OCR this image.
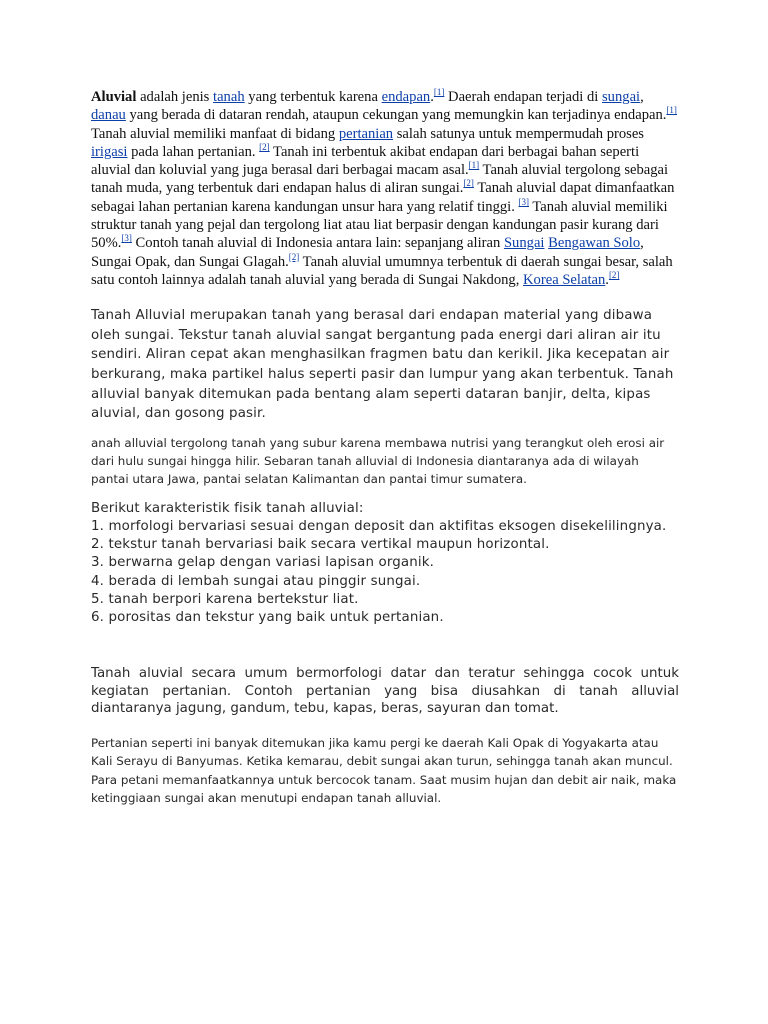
Aluvial adalah jenis tanah yang terbentuk karena endapan.[1] Daerah endapan terjadi di sungai, danau yang berada di dataran rendah, ataupun cekungan yang memungkin kan terjadinya endapan.[1] Tanah aluvial memiliki manfaat di bidang pertanian salah satunya untuk mempermudah proses irigasi pada lahan pertanian. [2] Tanah ini terbentuk akibat endapan dari berbagai bahan seperti aluvial dan koluvial yang juga berasal dari berbagai macam asal.[1] Tanah aluvial tergolong sebagai tanah muda, yang terbentuk dari endapan halus di aliran sungai.[2] Tanah aluvial dapat dimanfaatkan sebagai lahan pertanian karena kandungan unsur hara yang relatif tinggi. [3] Tanah aluvial memiliki struktur tanah yang pejal dan tergolong liat atau liat berpasir dengan kandungan pasir kurang dari 50%.[3] Contoh tanah aluvial di Indonesia antara lain: sepanjang aliran Sungai Bengawan Solo, Sungai Opak, dan Sungai Glagah.[2] Tanah aluvial umumnya terbentuk di daerah sungai besar, salah satu contoh lainnya adalah tanah aluvial yang berada di Sungai Nakdong, Korea Selatan.[2]

Tanah Alluvial merupakan tanah yang berasal dari endapan material yang dibawa oleh sungai. Tekstur tanah aluvial sangat bergantung pada energi dari aliran air itu sendiri. Aliran cepat akan menghasilkan fragmen batu dan kerikil. Jika kecepatan air berkurang, maka partikel halus seperti pasir dan lumpur yang akan terbentuk. Tanah alluvial banyak ditemukan pada bentang alam seperti dataran banjir, delta, kipas aluvial, dan gosong pasir.

anah alluvial tergolong tanah yang subur karena membawa nutrisi yang terangkut oleh erosi air dari hulu sungai hingga hilir. Sebaran tanah alluvial di Indonesia diantaranya ada di wilayah pantai utara Jawa, pantai selatan Kalimantan dan pantai timur sumatera.

Berikut karakteristik fisik tanah alluvial:
1. morfologi bervariasi sesuai dengan deposit dan aktifitas eksogen disekelilingnya.
2. tekstur tanah bervariasi baik secara vertikal maupun horizontal.
3. berwarna gelap dengan variasi lapisan organik.
4. berada di lembah sungai atau pinggir sungai.
5. tanah berpori karena bertekstur liat.
6. porositas dan tekstur yang baik untuk pertanian.

Tanah aluvial secara umum bermorfologi datar dan teratur sehingga cocok untuk kegiatan pertanian. Contoh pertanian yang bisa diusahkan di tanah alluvial diantaranya jagung, gandum, tebu, kapas, beras, sayuran dan tomat.

Pertanian seperti ini banyak ditemukan jika kamu pergi ke daerah Kali Opak di Yogyakarta atau Kali Serayu di Banyumas. Ketika kemarau, debit sungai akan turun, sehingga tanah akan muncul. Para petani memanfaatkannya untuk bercocok tanam. Saat musim hujan dan debit air naik, maka ketinggiaan sungai akan menutupi endapan tanah alluvial.
